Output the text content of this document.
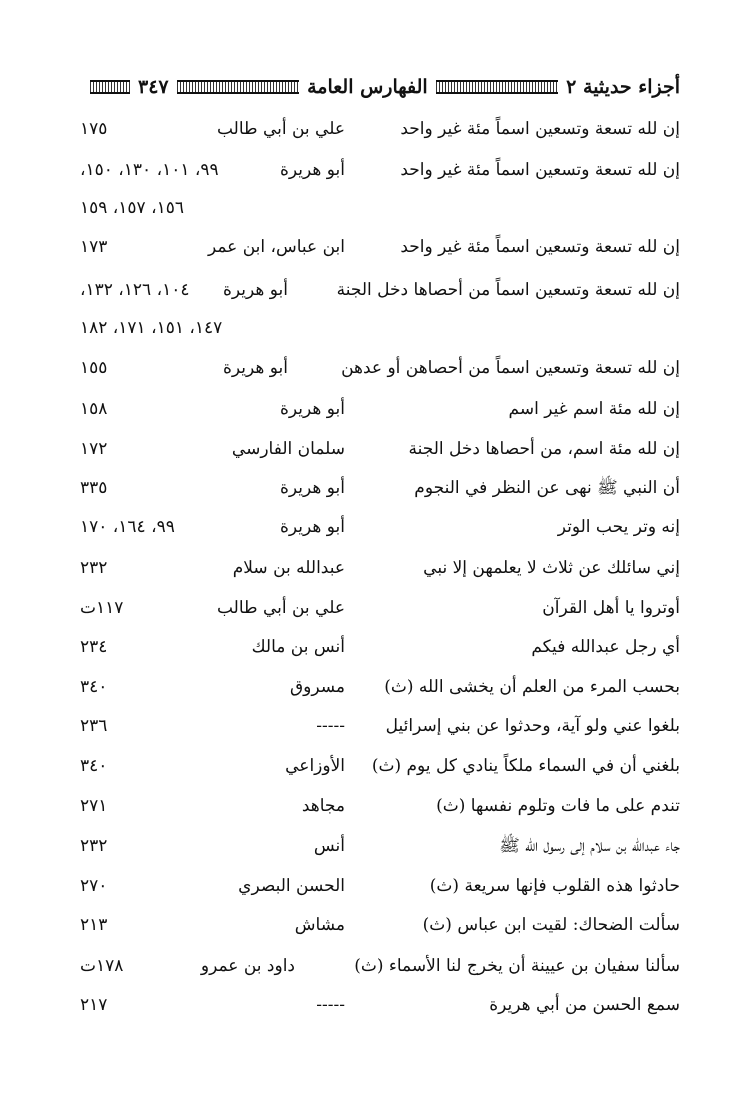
أجزاء حديثية ٢
الفهارس العامة
٣٤٧
إن لله تسعة وتسعين اسماً مئة غير واحد
علي بن أبي طالب
١٧٥
إن لله تسعة وتسعين اسماً مئة غير واحد
أبو هريرة
٩٩، ١٠١، ١٣٠، ١٥٠،
١٥٦، ١٥٧، ١٥٩
إن لله تسعة وتسعين اسماً مئة غير واحد
ابن عباس، ابن عمر
١٧٣
إن لله تسعة وتسعين اسماً من أحصاها دخل الجنة
أبو هريرة
١٠٤، ١٢٦، ١٣٢،
١٤٧، ١٥١، ١٧١، ١٨٢
إن لله تسعة وتسعين اسماً من أحصاهن أو عدهن
أبو هريرة
١٥٥
إن لله مئة اسم غير اسم
أبو هريرة
١٥٨
إن لله مئة اسم، من أحصاها دخل الجنة
سلمان الفارسي
١٧٢
أن النبي ﷺ نهى عن النظر في النجوم
أبو هريرة
٣٣٥
إنه وتر يحب الوتر
أبو هريرة
٩٩، ١٦٤، ١٧٠
إني سائلك عن ثلاث لا يعلمهن إلا نبي
عبدالله بن سلام
٢٣٢
أوتروا يا أهل القرآن
علي بن أبي طالب
١١٧ت
أي رجل عبدالله فيكم
أنس بن مالك
٢٣٤
بحسب المرء من العلم أن يخشى الله (ث)
مسروق
٣٤٠
بلغوا عني ولو آية، وحدثوا عن بني إسرائيل
-----
٢٣٦
بلغني أن في السماء ملكاً ينادي كل يوم (ث)
الأوزاعي
٣٤٠
تندم على ما فات وتلوم نفسها (ث)
مجاهد
٢٧١
جاء عبدالله بن سلام إلى رسول الله ﷺ
أنس
٢٣٢
حادثوا هذه القلوب فإنها سريعة (ث)
الحسن البصري
٢٧٠
سألت الضحاك: لقيت ابن عباس (ث)
مشاش
٢١٣
سألنا سفيان بن عيينة أن يخرج لنا الأسماء (ث)
داود بن عمرو
١٧٨ت
سمع الحسن من أبي هريرة
-----
٢١٧
